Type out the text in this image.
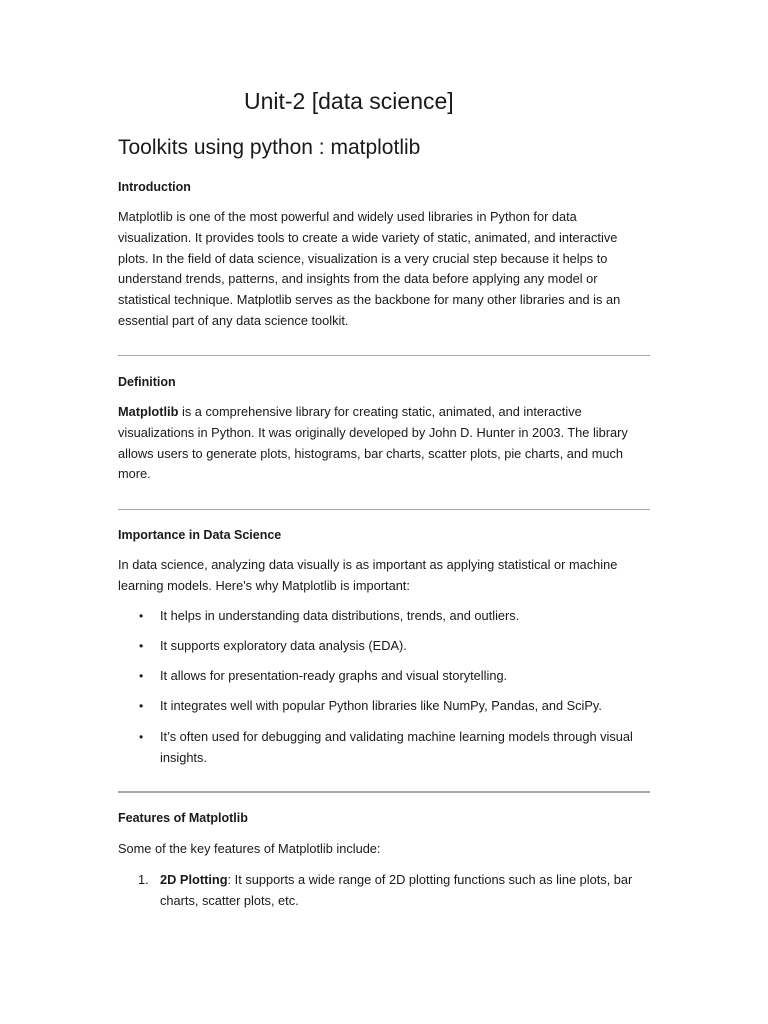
Unit-2 [data science]
Toolkits using python : matplotlib
Introduction

Matplotlib is one of the most powerful and widely used libraries in Python for data visualization. It provides tools to create a wide variety of static, animated, and interactive plots. In the field of data science, visualization is a very crucial step because it helps to understand trends, patterns, and insights from the data before applying any model or statistical technique. Matplotlib serves as the backbone for many other libraries and is an essential part of any data science toolkit.

Definition

Matplotlib is a comprehensive library for creating static, animated, and interactive visualizations in Python. It was originally developed by John D. Hunter in 2003. The library allows users to generate plots, histograms, bar charts, scatter plots, pie charts, and much more.

Importance in Data Science

In data science, analyzing data visually is as important as applying statistical or machine learning models. Here's why Matplotlib is important:

• It helps in understanding data distributions, trends, and outliers.
• It supports exploratory data analysis (EDA).
• It allows for presentation-ready graphs and visual storytelling.
• It integrates well with popular Python libraries like NumPy, Pandas, and SciPy.
• It’s often used for debugging and validating machine learning models through visual insights.
Features of Matplotlib

Some of the key features of Matplotlib include:

1. 2D Plotting: It supports a wide range of 2D plotting functions such as line plots, bar charts, scatter plots, etc.
